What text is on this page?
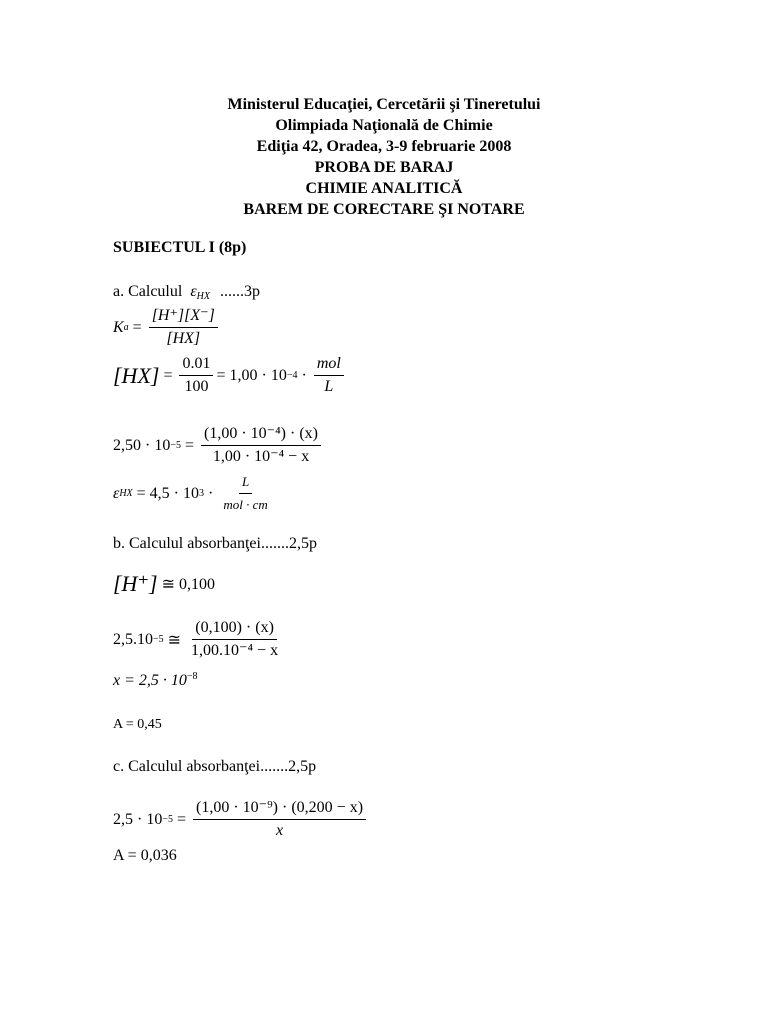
Ministerul Educaţiei, Cercetării şi Tineretului
Olimpiada Naţională de Chimie
Ediţia 42, Oradea, 3-9 februarie 2008
PROBA DE BARAJ
CHIMIE ANALITICĂ
BAREM DE CORECTARE ŞI NOTARE
SUBIECTUL I (8p)
a. Calculul $\varepsilon_{HX}$ ......3p
K $a = \frac{[H^+][X^-]}{[HX]}$
$[HX] = \frac{0.01}{100} = 1,00 \cdot 10 -4 \cdot \frac{\text{mol}}{L}$
$2,50 \cdot 10 -5 = \frac{\text{(1,00 · 10⁻⁴) · (x)}}{\text{1,00 · 10⁻⁴ − x}}$
ε HX = 4,5 · 10 $3 \cdot \frac{L}{\text{mol · cm}}$
b. Calculul absorbanţei.......2,5p
[H⁺] ≅ 0,100
2,5.10 −5 ≅ $\frac{(0,100) \cdot (x)}{\text{1,00.10⁻⁴ − x}}$
$x = 2,5 \cdot 10^{-8}$
A = 0,45
c. Calculul absorbanţei.......2,5p
$2,5 \cdot 10 -5 = \frac{\text{(1,00 · 10⁻⁹) · (0,200 − x)}}{x}$
A = 0,036
